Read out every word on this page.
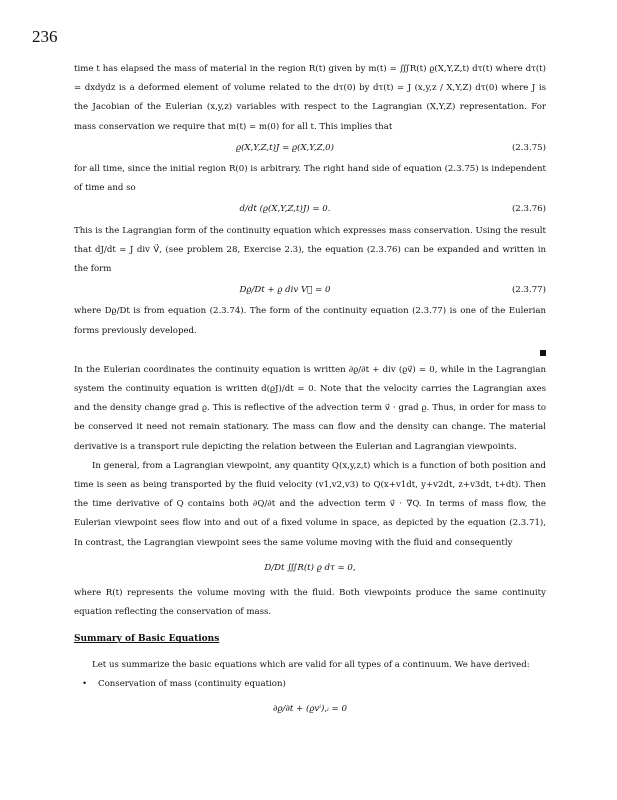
236

time t has elapsed the mass of material in the region R(t) given by m(t) = ∭R(t) ϱ(X,Y,Z,t) dτ(t) where dτ(t) = dxdydz is a deformed element of volume related to the dτ(0) by dτ(t) = J (x,y,z / X,Y,Z) dτ(0) where J is the Jacobian of the Eulerian (x,y,z) variables with respect to the Lagrangian (X,Y,Z) representation. For mass conservation we require that m(t) = m(0) for all t. This implies that

ϱ(X,Y,Z,t)J = ϱ(X,Y,Z,0)	(2.3.75)

for all time, since the initial region R(0) is arbitrary. The right hand side of equation (2.3.75) is independent of time and so

d/dt (ϱ(X,Y,Z,t)J) = 0.	(2.3.76)

This is the Lagrangian form of the continuity equation which expresses mass conservation. Using the result that dJ/dt = J div V⃗, (see problem 28, Exercise 2.3), the equation (2.3.76) can be expanded and written in the form

Dϱ/Dt + ϱ div V⃗ = 0	(2.3.77)

where Dϱ/Dt is from equation (2.3.74). The form of the continuity equation (2.3.77) is one of the Eulerian forms previously developed.

In the Eulerian coordinates the continuity equation is written ∂ϱ/∂t + div (ϱv⃗) = 0, while in the Lagrangian system the continuity equation is written d(ϱJ)/dt = 0. Note that the velocity carries the Lagrangian axes and the density change grad ϱ. This is reflective of the advection term v⃗ · grad ϱ. Thus, in order for mass to be conserved it need not remain stationary. The mass can flow and the density can change. The material derivative is a transport rule depicting the relation between the Eulerian and Lagrangian viewpoints.

In general, from a Lagrangian viewpoint, any quantity Q(x,y,z,t) which is a function of both position and time is seen as being transported by the fluid velocity (v1,v2,v3) to Q(x+v1dt, y+v2dt, z+v3dt, t+dt). Then the time derivative of Q contains both ∂Q/∂t and the advection term v⃗ · ∇Q. In terms of mass flow, the Eulerian viewpoint sees flow into and out of a fixed volume in space, as depicted by the equation (2.3.71), In contrast, the Lagrangian viewpoint sees the same volume moving with the fluid and consequently

D/Dt ∭R(t) ϱ dτ = 0,

where R(t) represents the volume moving with the fluid. Both viewpoints produce the same continuity equation reflecting the conservation of mass.

Summary of Basic Equations

Let us summarize the basic equations which are valid for all types of a continuum. We have derived:

•	Conservation of mass (continuity equation)
∂ϱ/∂t + (ϱvⁱ),ᵢ = 0
